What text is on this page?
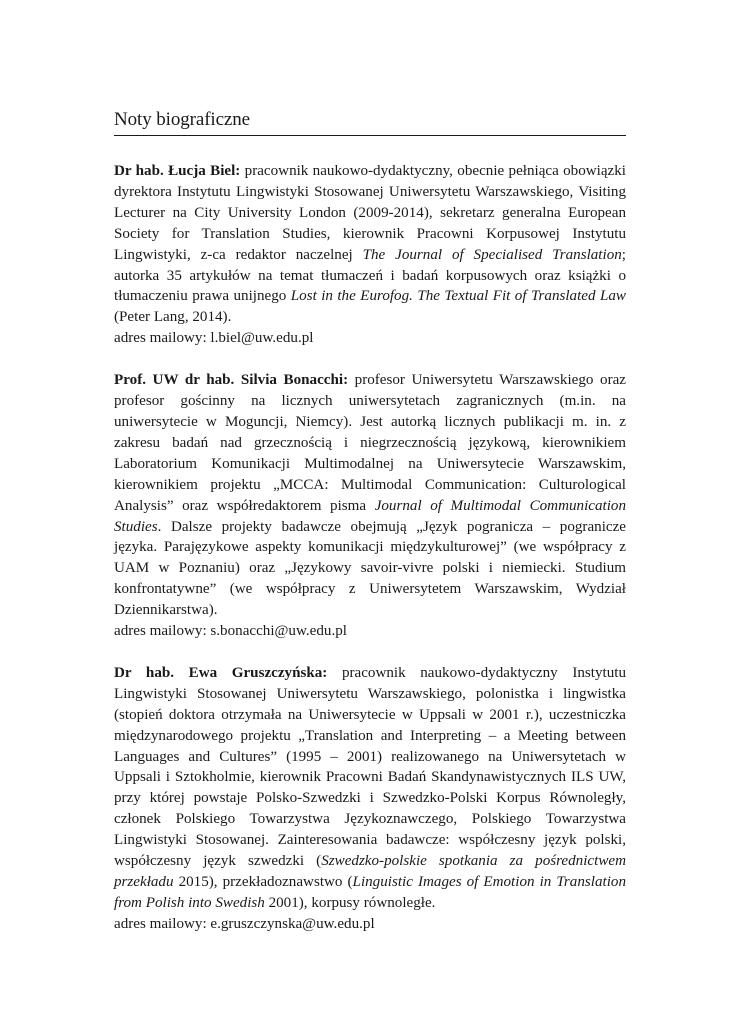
Noty biograficzne

Dr hab. Łucja Biel: pracownik naukowo-dydaktyczny, obecnie pełniąca obowiązki dyrektora Instytutu Lingwistyki Stosowanej Uniwersytetu Warszawskiego, Visiting Lecturer na City University London (2009-2014), sekretarz generalna European Society for Translation Studies, kierownik Pracowni Korpusowej Instytutu Lingwistyki, z-ca redaktor naczelnej The Journal of Specialised Translation; autorka 35 artykułów na temat tłumaczeń i badań korpusowych oraz książki o tłumaczeniu prawa unijnego Lost in the Eurofog. The Textual Fit of Translated Law (Peter Lang, 2014).

adres mailowy: l.biel@uw.edu.pl

Prof. UW dr hab. Silvia Bonacchi: profesor Uniwersytetu Warszawskiego oraz profesor gościnny na licznych uniwersytetach zagranicznych (m.in. na uniwersytecie w Moguncji, Niemcy). Jest autorką licznych publikacji m. in. z zakresu badań nad grzecznością i niegrzecznością językową, kierownikiem Laboratorium Komunikacji Multimodalnej na Uniwersytecie Warszawskim, kierownikiem projektu „MCCA: Multimodal Communication: Culturological Analysis” oraz współredaktorem pisma Journal of Multimodal Communication Studies. Dalsze projekty badawcze obejmują „Język pogranicza – pogranicze języka. Parajęzykowe aspekty komunikacji międzykulturowej” (we współpracy z UAM w Poznaniu) oraz „Językowy savoir-vivre polski i niemiecki. Studium konfrontatywne” (we współpracy z Uniwersytetem Warszawskim, Wydział Dziennikarstwa).

adres mailowy: s.bonacchi@uw.edu.pl

Dr hab. Ewa Gruszczyńska: pracownik naukowo-dydaktyczny Instytutu Lingwistyki Stosowanej Uniwersytetu Warszawskiego, polonistka i lingwistka (stopień doktora otrzymała na Uniwersytecie w Uppsali w 2001 r.), uczestniczka międzynarodowego projektu „Translation and Interpreting – a Meeting between Languages and Cultures” (1995 – 2001) realizowanego na Uniwersytetach w Uppsali i Sztokholmie, kierownik Pracowni Badań Skandynawistycznych ILS UW, przy której powstaje Polsko-Szwedzki i Szwedzko-Polski Korpus Równoległy, członek Polskiego Towarzystwa Językoznawczego, Polskiego Towarzystwa Lingwistyki Stosowanej. Zainteresowania badawcze: współczesny język polski, współczesny język szwedzki (Szwedzko-polskie spotkania za pośrednictwem przekładu 2015), przekładoznawstwo (Linguistic Images of Emotion in Translation from Polish into Swedish 2001), korpusy równoległe.

adres mailowy: e.gruszczynska@uw.edu.pl
